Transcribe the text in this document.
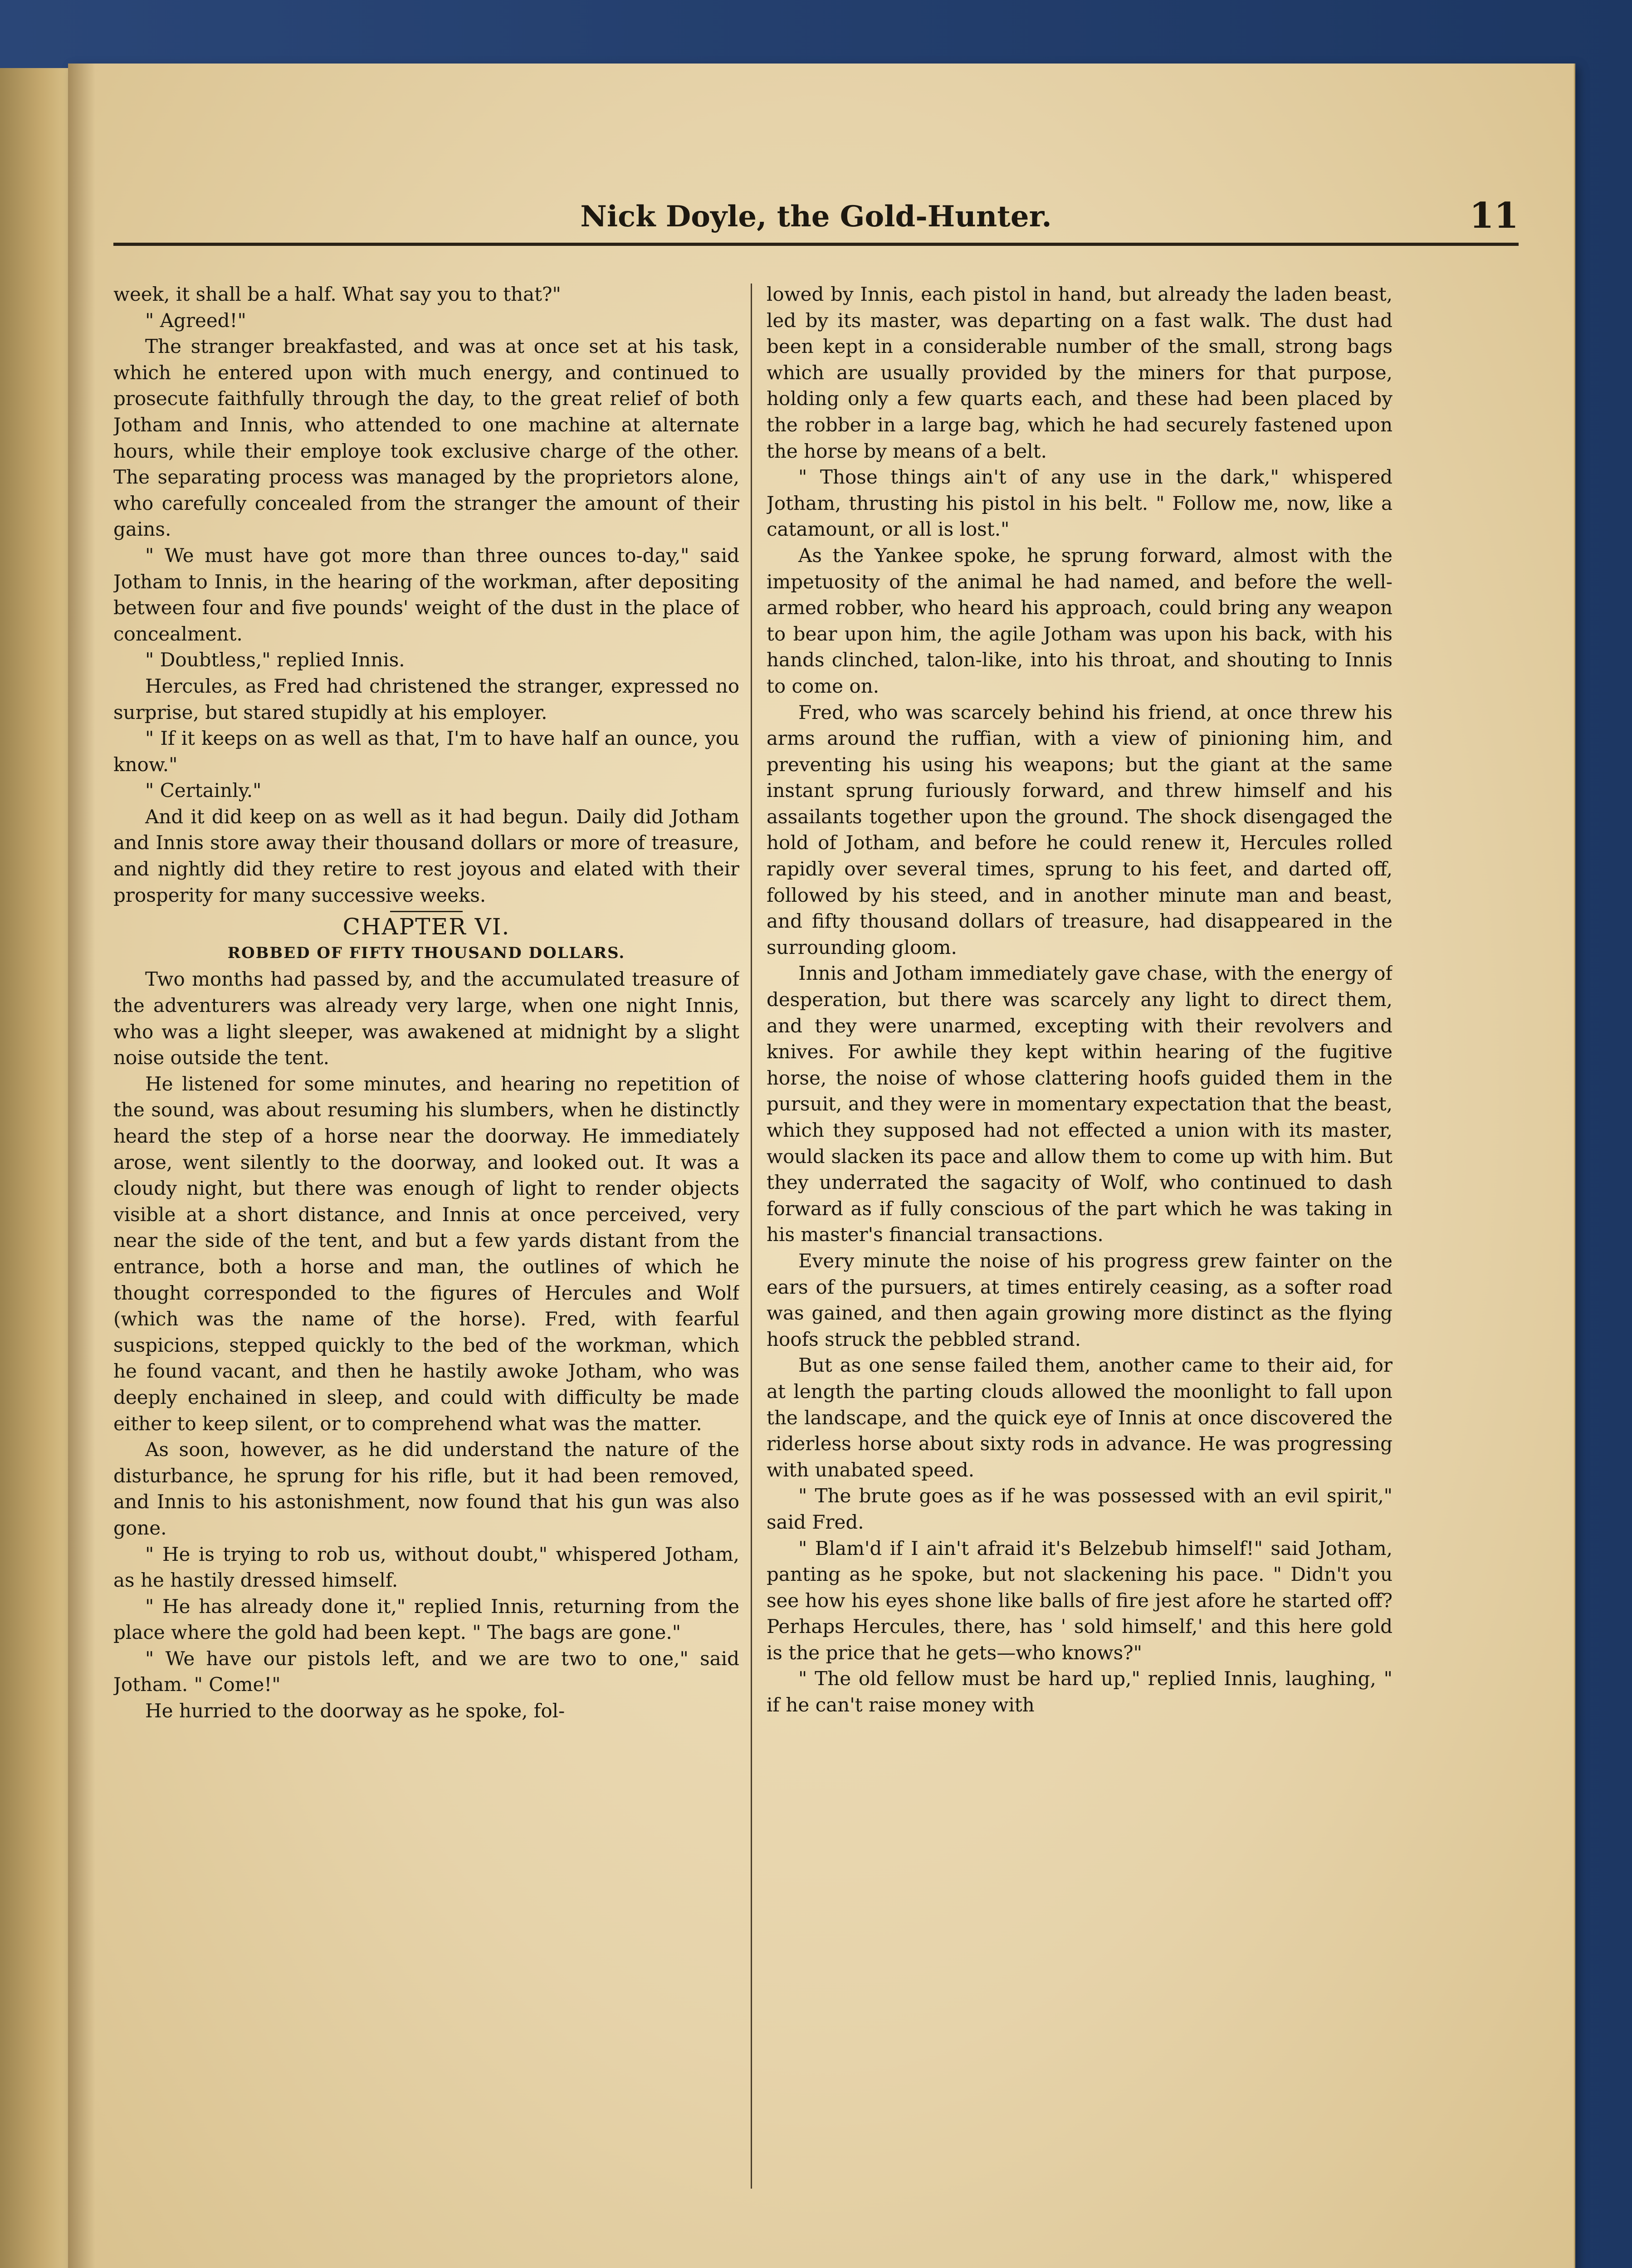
Nick Doyle, the Gold-Hunter.	11

week, it shall be a half. What say you to that?"

" Agreed!"

The stranger breakfasted, and was at once set at his task, which he entered upon with much energy, and continued to prosecute faithfully through the day, to the great relief of both Jotham and Innis, who attended to one machine at alternate hours, while their employe took exclusive charge of the other. The separating process was managed by the proprietors alone, who carefully concealed from the stranger the amount of their gains.

" We must have got more than three ounces to-day," said Jotham to Innis, in the hearing of the workman, after depositing between four and five pounds' weight of the dust in the place of concealment.

" Doubtless," replied Innis.

Hercules, as Fred had christened the stranger, expressed no surprise, but stared stupidly at his employer.

" If it keeps on as well as that, I'm to have half an ounce, you know."

" Certainly."

And it did keep on as well as it had begun. Daily did Jotham and Innis store away their thousand dollars or more of treasure, and nightly did they retire to rest joyous and elated with their prosperity for many successive weeks.

CHAPTER VI.

ROBBED OF FIFTY THOUSAND DOLLARS.

Two months had passed by, and the accumulated treasure of the adventurers was already very large, when one night Innis, who was a light sleeper, was awakened at midnight by a slight noise outside the tent.

He listened for some minutes, and hearing no repetition of the sound, was about resuming his slumbers, when he distinctly heard the step of a horse near the doorway. He immediately arose, went silently to the doorway, and looked out. It was a cloudy night, but there was enough of light to render objects visible at a short distance, and Innis at once perceived, very near the side of the tent, and but a few yards distant from the entrance, both a horse and man, the outlines of which he thought corresponded to the figures of Hercules and Wolf (which was the name of the horse). Fred, with fearful suspicions, stepped quickly to the bed of the workman, which he found vacant, and then he hastily awoke Jotham, who was deeply enchained in sleep, and could with difficulty be made either to keep silent, or to comprehend what was the matter.

As soon, however, as he did understand the nature of the disturbance, he sprung for his rifle, but it had been removed, and Innis to his astonishment, now found that his gun was also gone.

" He is trying to rob us, without doubt," whispered Jotham, as he hastily dressed himself.

" He has already done it," replied Innis, returning from the place where the gold had been kept. " The bags are gone."

" We have our pistols left, and we are two to one," said Jotham. " Come!"

He hurried to the doorway as he spoke, fol-

lowed by Innis, each pistol in hand, but already the laden beast, led by its master, was departing on a fast walk. The dust had been kept in a considerable number of the small, strong bags which are usually provided by the miners for that purpose, holding only a few quarts each, and these had been placed by the robber in a large bag, which he had securely fastened upon the horse by means of a belt.

" Those things ain't of any use in the dark," whispered Jotham, thrusting his pistol in his belt. " Follow me, now, like a catamount, or all is lost."

As the Yankee spoke, he sprung forward, almost with the impetuosity of the animal he had named, and before the well-armed robber, who heard his approach, could bring any weapon to bear upon him, the agile Jotham was upon his back, with his hands clinched, talon-like, into his throat, and shouting to Innis to come on.

Fred, who was scarcely behind his friend, at once threw his arms around the ruffian, with a view of pinioning him, and preventing his using his weapons; but the giant at the same instant sprung furiously forward, and threw himself and his assailants together upon the ground. The shock disengaged the hold of Jotham, and before he could renew it, Hercules rolled rapidly over several times, sprung to his feet, and darted off, followed by his steed, and in another minute man and beast, and fifty thousand dollars of treasure, had disappeared in the surrounding gloom.

Innis and Jotham immediately gave chase, with the energy of desperation, but there was scarcely any light to direct them, and they were unarmed, excepting with their revolvers and knives. For awhile they kept within hearing of the fugitive horse, the noise of whose clattering hoofs guided them in the pursuit, and they were in momentary expectation that the beast, which they supposed had not effected a union with its master, would slacken its pace and allow them to come up with him. But they underrated the sagacity of Wolf, who continued to dash forward as if fully conscious of the part which he was taking in his master's financial transactions.

Every minute the noise of his progress grew fainter on the ears of the pursuers, at times entirely ceasing, as a softer road was gained, and then again growing more distinct as the flying hoofs struck the pebbled strand.

But as one sense failed them, another came to their aid, for at length the parting clouds allowed the moonlight to fall upon the landscape, and the quick eye of Innis at once discovered the riderless horse about sixty rods in advance. He was progressing with unabated speed.

" The brute goes as if he was possessed with an evil spirit," said Fred.

" Blam'd if I ain't afraid it's Belzebub himself!" said Jotham, panting as he spoke, but not slackening his pace. " Didn't you see how his eyes shone like balls of fire jest afore he started off? Perhaps Hercules, there, has ' sold himself,' and this here gold is the price that he gets—who knows?"

" The old fellow must be hard up," replied Innis, laughing, " if he can't raise money with
